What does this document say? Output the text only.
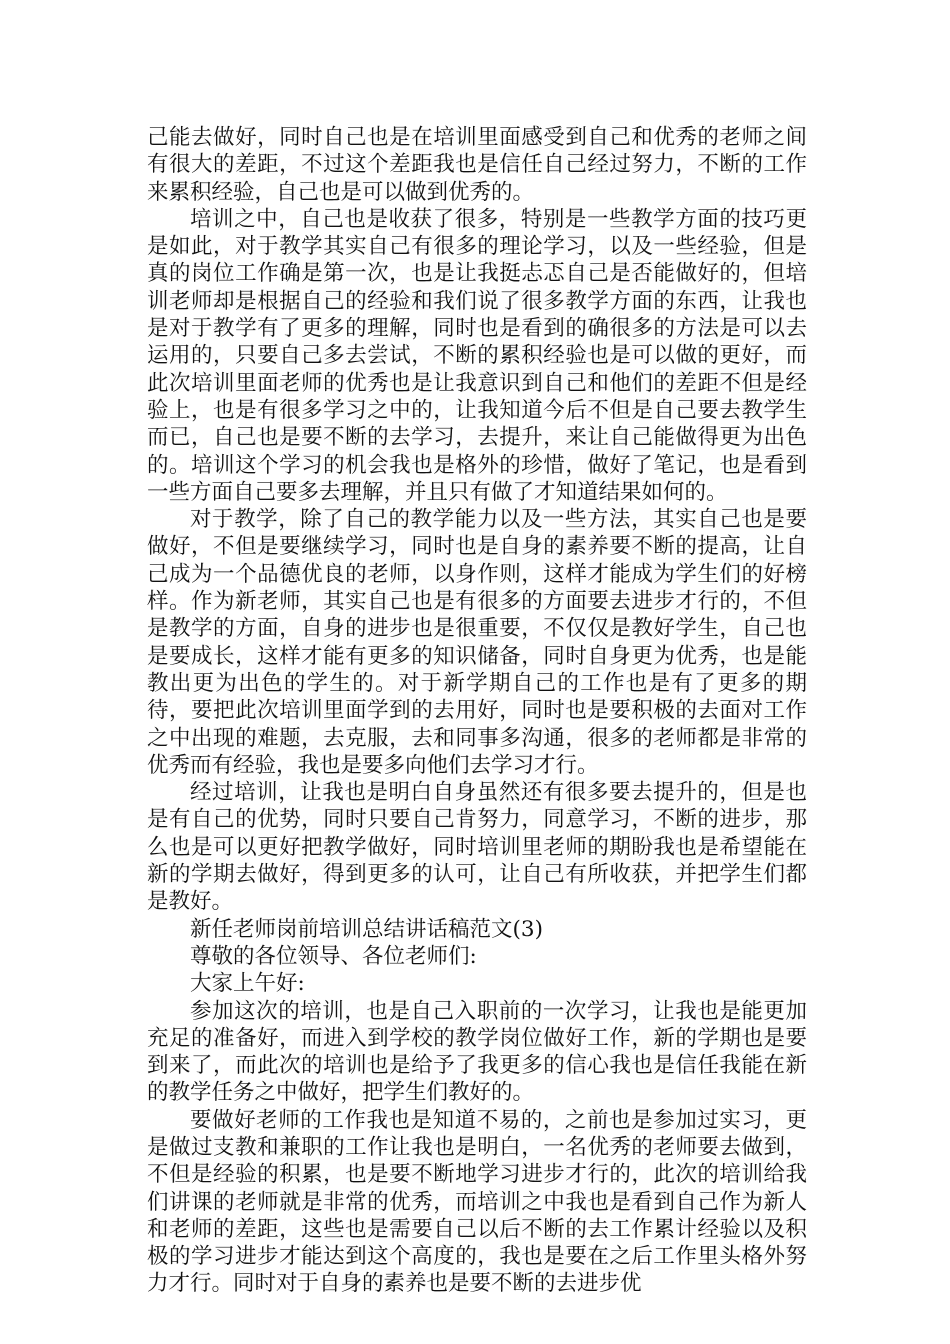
己能去做好，同时自己也是在培训里面感受到自己和优秀的老师之间有很大的差距，不过这个差距我也是信任自己经过努力，不断的工作来累积经验，自己也是可以做到优秀的。

培训之中，自己也是收获了很多，特别是一些教学方面的技巧更是如此，对于教学其实自己有很多的理论学习，以及一些经验，但是真的岗位工作确是第一次，也是让我挺忐忑自己是否能做好的，但培训老师却是根据自己的经验和我们说了很多教学方面的东西，让我也是对于教学有了更多的理解，同时也是看到的确很多的方法是可以去运用的，只要自己多去尝试，不断的累积经验也是可以做的更好，而此次培训里面老师的优秀也是让我意识到自己和他们的差距不但是经验上，也是有很多学习之中的，让我知道今后不但是自己要去教学生而已，自己也是要不断的去学习，去提升，来让自己能做得更为出色的。培训这个学习的机会我也是格外的珍惜，做好了笔记，也是看到一些方面自己要多去理解，并且只有做了才知道结果如何的。

对于教学，除了自己的教学能力以及一些方法，其实自己也是要做好，不但是要继续学习，同时也是自身的素养要不断的提高，让自己成为一个品德优良的老师，以身作则，这样才能成为学生们的好榜样。作为新老师，其实自己也是有很多的方面要去进步才行的，不但是教学的方面，自身的进步也是很重要，不仅仅是教好学生，自己也是要成长，这样才能有更多的知识储备，同时自身更为优秀，也是能教出更为出色的学生的。对于新学期自己的工作也是有了更多的期待，要把此次培训里面学到的去用好，同时也是要积极的去面对工作之中出现的难题，去克服，去和同事多沟通，很多的老师都是非常的优秀而有经验，我也是要多向他们去学习才行。

经过培训，让我也是明白自身虽然还有很多要去提升的，但是也是有自己的优势，同时只要自己肯努力，同意学习，不断的进步，那么也是可以更好把教学做好，同时培训里老师的期盼我也是希望能在新的学期去做好，得到更多的认可，让自己有所收获，并把学生们都是教好。

新任老师岗前培训总结讲话稿范文(3)

尊敬的各位领导、各位老师们:

大家上午好:

参加这次的培训，也是自己入职前的一次学习，让我也是能更加充足的准备好，而进入到学校的教学岗位做好工作，新的学期也是要到来了，而此次的培训也是给予了我更多的信心我也是信任我能在新的教学任务之中做好，把学生们教好的。

要做好老师的工作我也是知道不易的，之前也是参加过实习，更是做过支教和兼职的工作让我也是明白，一名优秀的老师要去做到，不但是经验的积累，也是要不断地学习进步才行的，此次的培训给我们讲课的老师就是非常的优秀，而培训之中我也是看到自己作为新人和老师的差距，这些也是需要自己以后不断的去工作累计经验以及积极的学习进步才能达到这个高度的，我也是要在之后工作里头格外努力才行。同时对于自身的素养也是要不断的去进步优
